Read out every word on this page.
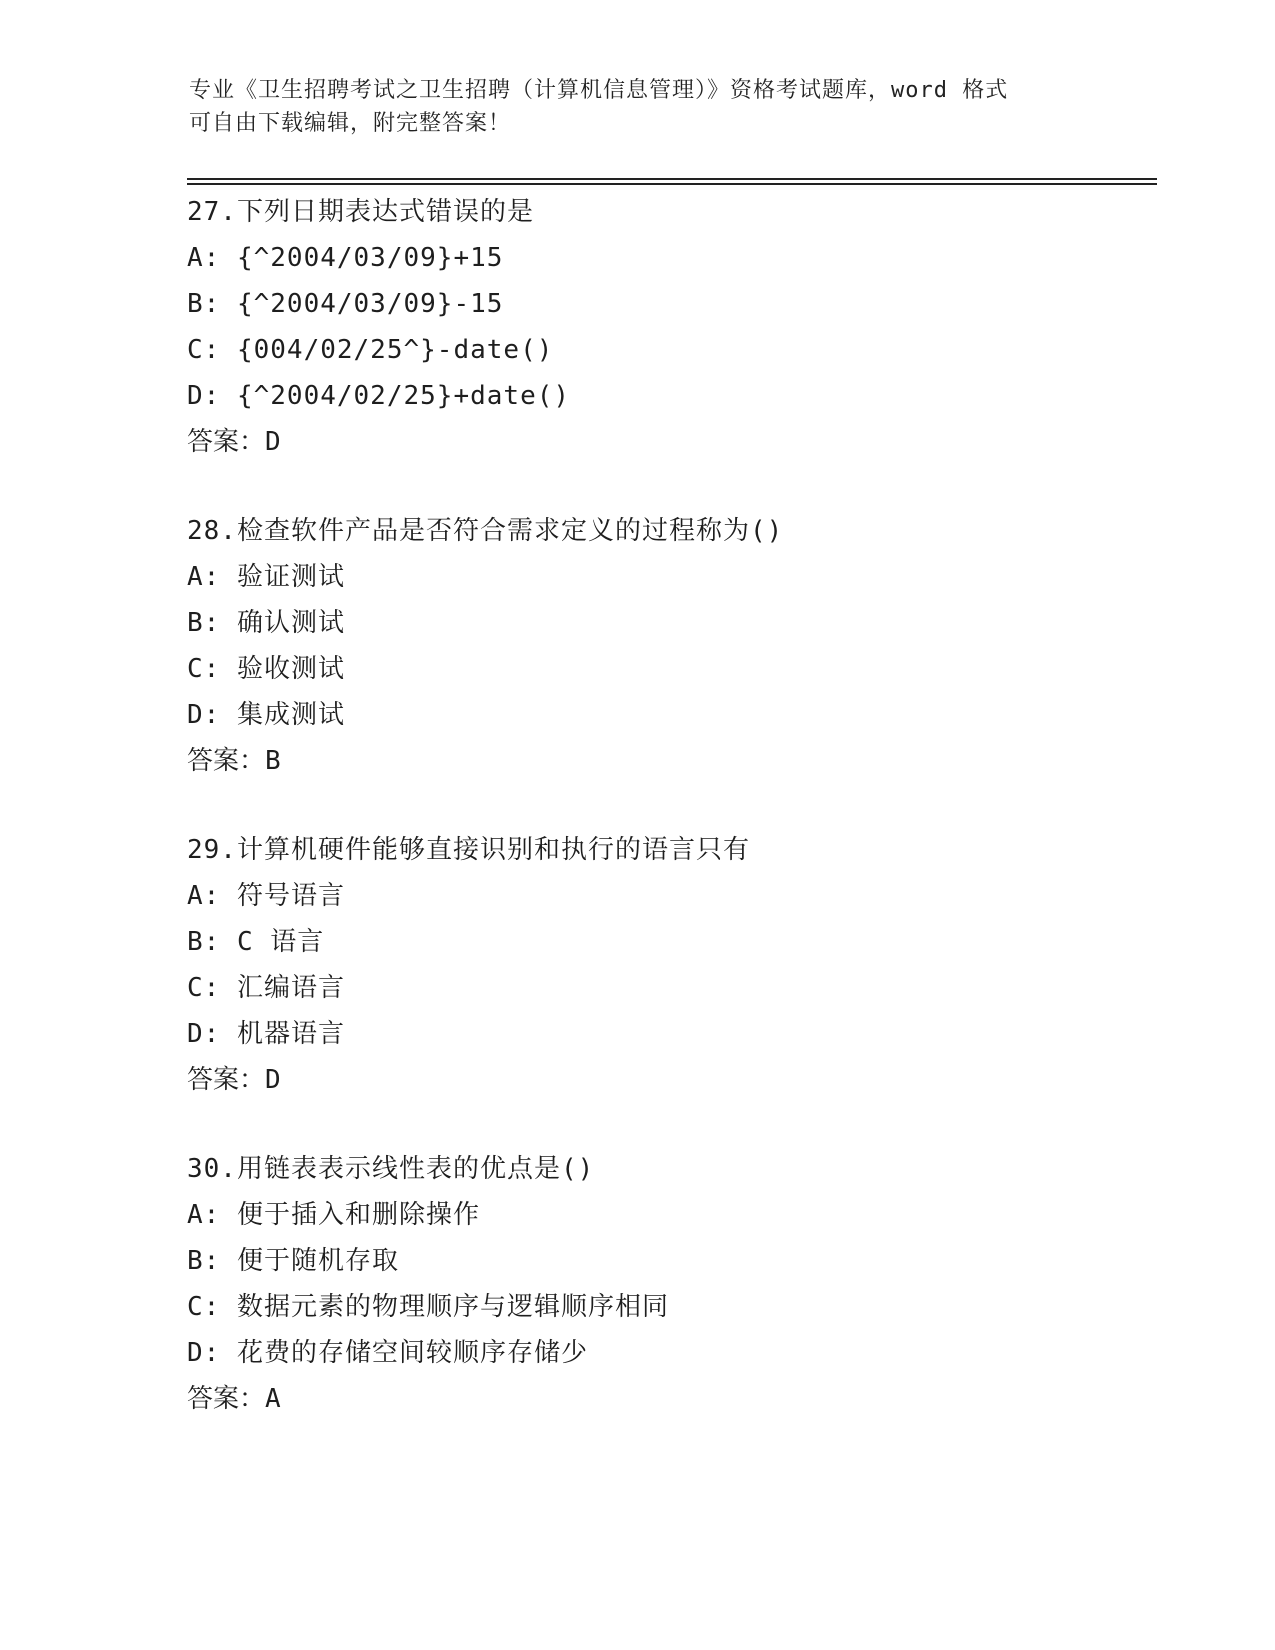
专业《卫生招聘考试之卫生招聘（计算机信息管理）》资格考试题库，word 格式
可自由下载编辑，附完整答案！
27.下列日期表达式错误的是
A: {^2004/03/09}+15
B: {^2004/03/09}-15
C: {004/02/25^}-date()
D: {^2004/02/25}+date()
答案：D
28.检查软件产品是否符合需求定义的过程称为()
A: 验证测试
B: 确认测试
C: 验收测试
D: 集成测试
答案：B
29.计算机硬件能够直接识别和执行的语言只有
A: 符号语言
B: C 语言
C: 汇编语言
D: 机器语言
答案：D
30.用链表表示线性表的优点是()
A: 便于插入和删除操作
B: 便于随机存取
C: 数据元素的物理顺序与逻辑顺序相同
D: 花费的存储空间较顺序存储少
答案：A
